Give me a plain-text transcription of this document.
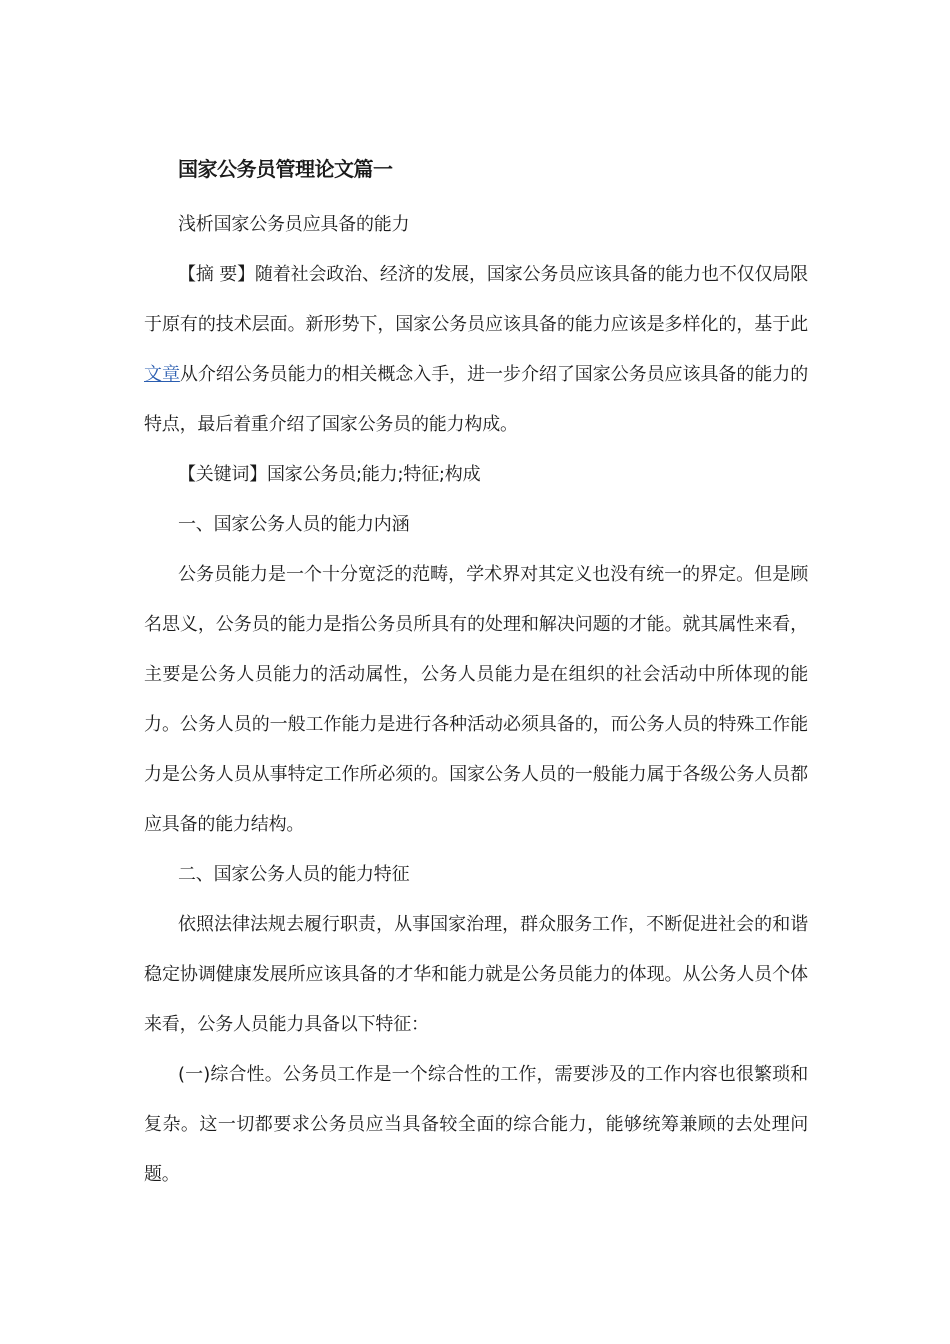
国家公务员管理论文篇一

浅析国家公务员应具备的能力

【摘 要】随着社会政治、经济的发展，国家公务员应该具备的能力也不仅仅局限于原有的技术层面。新形势下，国家公务员应该具备的能力应该是多样化的，基于此文章从介绍公务员能力的相关概念入手，进一步介绍了国家公务员应该具备的能力的特点，最后着重介绍了国家公务员的能力构成。

【关键词】国家公务员;能力;特征;构成

一、国家公务人员的能力内涵

公务员能力是一个十分宽泛的范畴，学术界对其定义也没有统一的界定。但是顾名思义，公务员的能力是指公务员所具有的处理和解决问题的才能。就其属性来看，主要是公务人员能力的活动属性，公务人员能力是在组织的社会活动中所体现的能力。公务人员的一般工作能力是进行各种活动必须具备的，而公务人员的特殊工作能力是公务人员从事特定工作所必须的。国家公务人员的一般能力属于各级公务人员都应具备的能力结构。

二、国家公务人员的能力特征

依照法律法规去履行职责，从事国家治理，群众服务工作，不断促进社会的和谐稳定协调健康发展所应该具备的才华和能力就是公务员能力的体现。从公务人员个体来看，公务人员能力具备以下特征：

(一)综合性。公务员工作是一个综合性的工作，需要涉及的工作内容也很繁琐和复杂。这一切都要求公务员应当具备较全面的综合能力，能够统筹兼顾的去处理问题。
